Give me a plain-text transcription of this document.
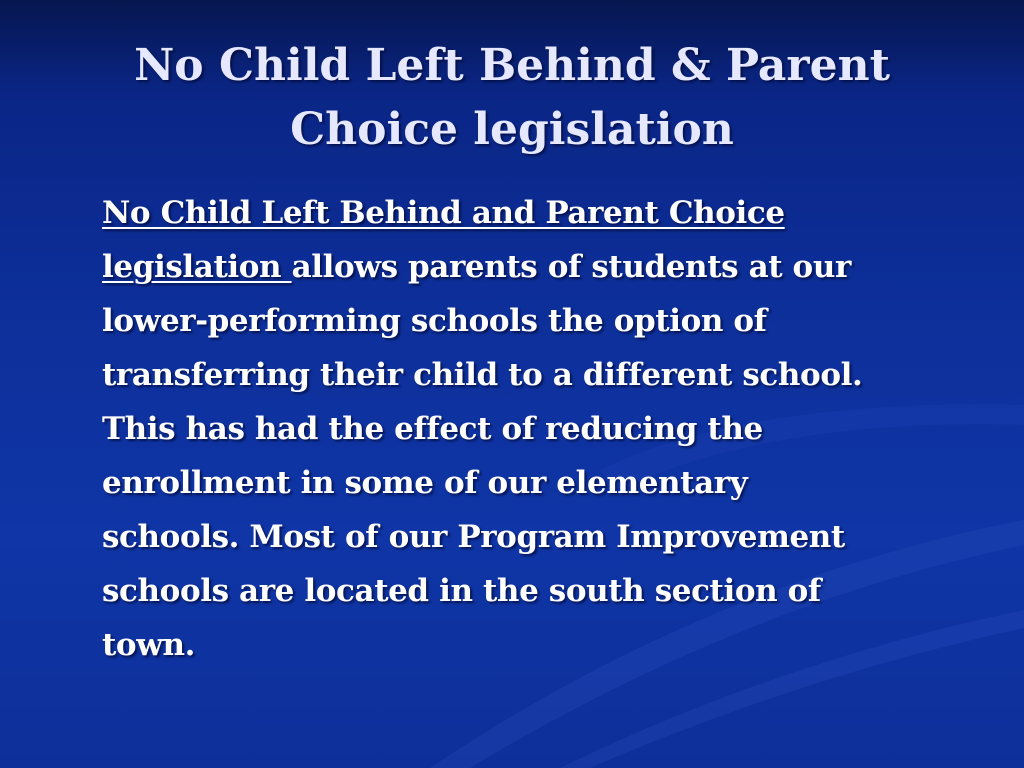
No Child Left Behind & Parent
Choice legislation
No Child Left Behind and Parent Choice
legislation allows parents of students at our
lower-performing schools the option of
transferring their child to a different school.
This has had the effect of reducing the
enrollment in some of our elementary
schools. Most of our Program Improvement
schools are located in the south section of
town.
